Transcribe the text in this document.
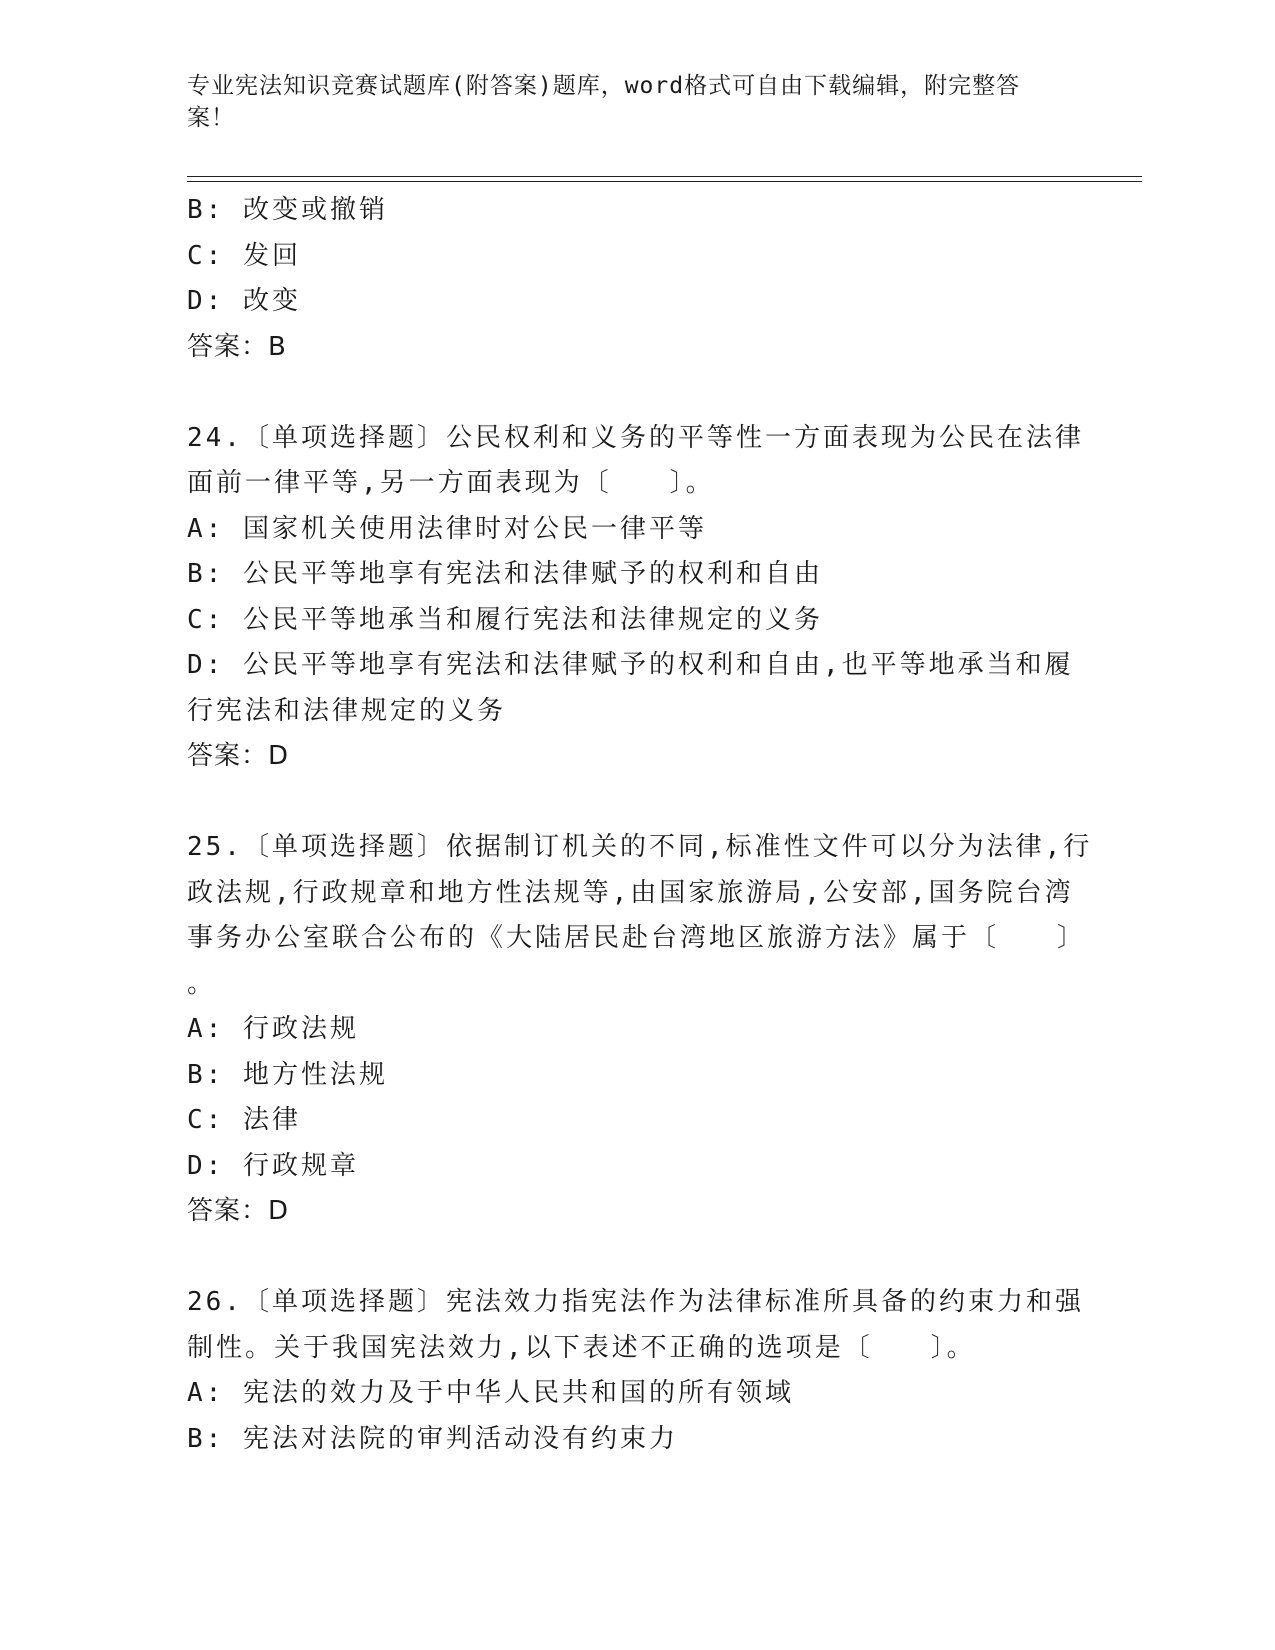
专业宪法知识竞赛试题库(附答案)题库，word格式可自由下载编辑，附完整答案！
B: 改变或撤销
C: 发回
D: 改变
答案：B
24.〔单项选择题〕公民权利和义务的平等性一方面表现为公民在法律
面前一律平等,另一方面表现为〔　　〕。
A: 国家机关使用法律时对公民一律平等
B: 公民平等地享有宪法和法律赋予的权利和自由
C: 公民平等地承当和履行宪法和法律规定的义务
D: 公民平等地享有宪法和法律赋予的权利和自由,也平等地承当和履
行宪法和法律规定的义务
答案：D
25.〔单项选择题〕依据制订机关的不同,标准性文件可以分为法律,行
政法规,行政规章和地方性法规等,由国家旅游局,公安部,国务院台湾
事务办公室联合公布的《大陆居民赴台湾地区旅游方法》属于〔　　〕
。
A: 行政法规
B: 地方性法规
C: 法律
D: 行政规章
答案：D
26.〔单项选择题〕宪法效力指宪法作为法律标准所具备的约束力和强
制性。关于我国宪法效力,以下表述不正确的选项是〔　　〕。
A: 宪法的效力及于中华人民共和国的所有领域
B: 宪法对法院的审判活动没有约束力
